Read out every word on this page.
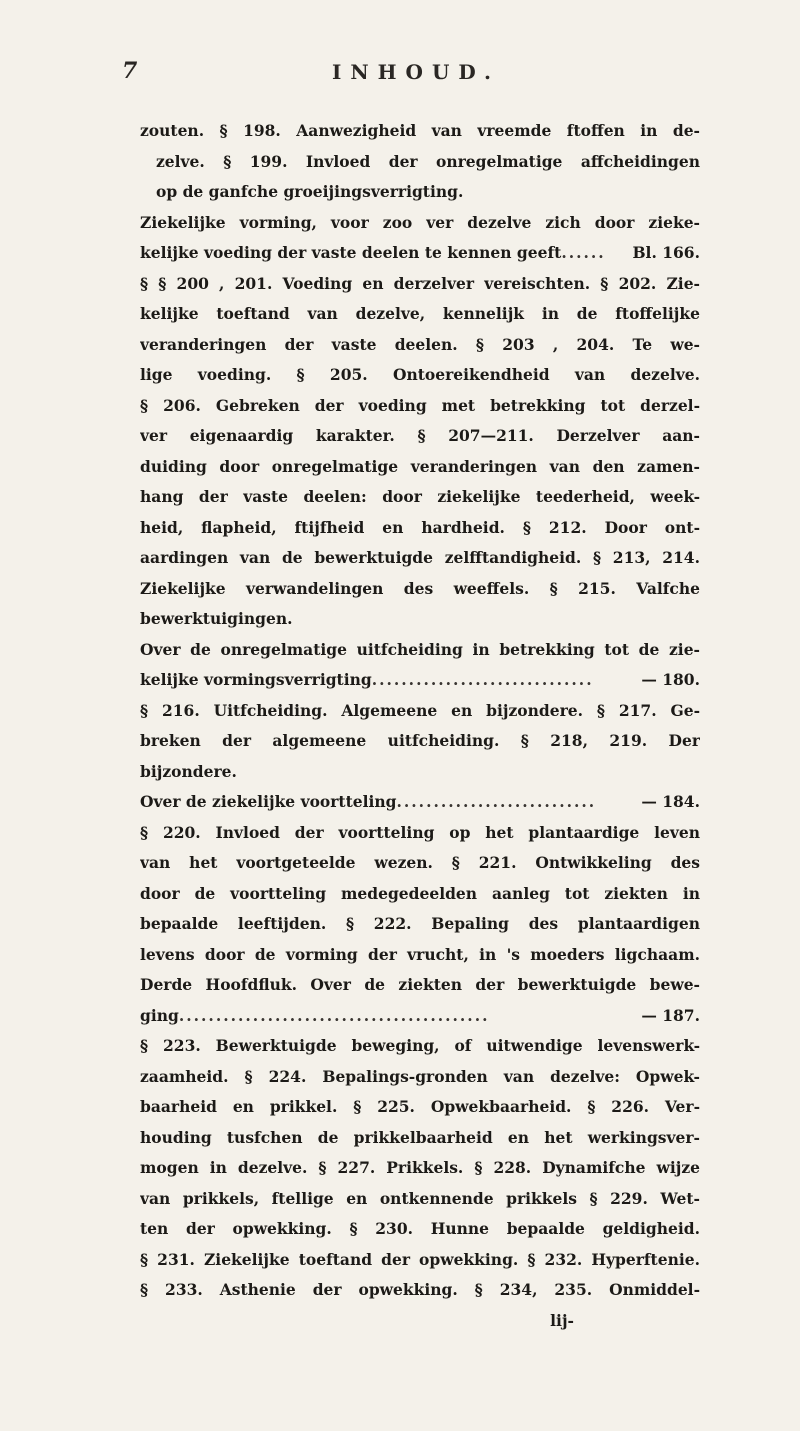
7	INHOUD.
zouten. § 198. Aanwezigheid van vreemde ftoffen in de-
zelve. § 199. Invloed der onregelmatige affcheidingen
op de ganfche groeijingsverrigting.
Ziekelijke vorming, voor zoo ver dezelve zich door zieke-
kelijke voeding der vaste deelen te kennen geeft ......	Bl. 166.
§ § 200 , 201. Voeding en derzelver vereischten. § 202. Zie-
kelijke toeftand van dezelve, kennelijk in de ftoffelijke
veranderingen der vaste deelen. § 203 , 204. Te we-
lige voeding. § 205. Ontoereikendheid van dezelve.
§ 206. Gebreken der voeding met betrekking tot derzel-
ver eigenaardig karakter. § 207—211. Derzelver aan-
duiding door onregelmatige veranderingen van den zamen-
hang der vaste deelen: door ziekelijke teederheid, week-
heid, flapheid, ftijfheid en hardheid. § 212. Door ont-
aardingen van de bewerktuigde zelfftandigheid. § 213, 214.
Ziekelijke verwandelingen des weeffels. § 215. Valfche
bewerktuigingen.
Over de onregelmatige uitfcheiding in betrekking tot de zie-
kelijke vormingsverrigting ..............................	— 180.
§ 216. Uitfcheiding. Algemeene en bijzondere. § 217. Ge-
breken der algemeene uitfcheiding. § 218, 219. Der
bijzondere.
Over de ziekelijke voortteling ...........................	— 184.
§ 220. Invloed der voortteling op het plantaardige leven
van het voortgeteelde wezen. § 221. Ontwikkeling des
door de voortteling medegedeelden aanleg tot ziekten in
bepaalde leeftijden. § 222. Bepaling des plantaardigen
levens door de vorming der vrucht, in 's moeders ligchaam.
Derde Hoofdfluk. Over de ziekten der bewerktuigde bewe-
ging ..........................................	— 187.
§ 223. Bewerktuigde beweging, of uitwendige levenswerk-
zaamheid. § 224. Bepalings-gronden van dezelve: Opwek-
baarheid en prikkel. § 225. Opwekbaarheid. § 226. Ver-
houding tusfchen de prikkelbaarheid en het werkingsver-
mogen in dezelve. § 227. Prikkels. § 228. Dynamifche wijze
van prikkels, ftellige en ontkennende prikkels § 229. Wet-
ten der opwekking. § 230. Hunne bepaalde geldigheid.
§ 231. Ziekelijke toeftand der opwekking. § 232. Hyperftenie.
§ 233. Asthenie der opwekking. § 234, 235. Onmiddel-
lij-
